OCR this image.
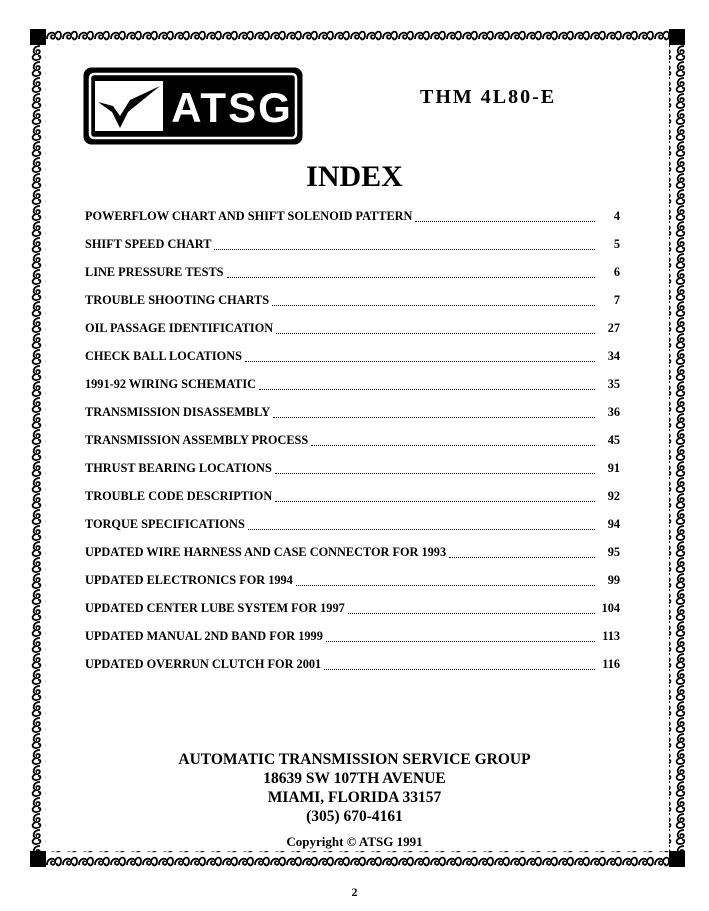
ATSG	THM 4L80-E
INDEX
POWERFLOW CHART AND SHIFT SOLENOID PATTERN	4
SHIFT SPEED CHART	5
LINE PRESSURE TESTS	6
TROUBLE SHOOTING CHARTS	7
OIL PASSAGE IDENTIFICATION	27
CHECK BALL LOCATIONS	34
1991-92 WIRING SCHEMATIC	35
TRANSMISSION DISASSEMBLY	36
TRANSMISSION ASSEMBLY PROCESS	45
THRUST BEARING LOCATIONS	91
TROUBLE CODE DESCRIPTION	92
TORQUE SPECIFICATIONS	94
UPDATED WIRE HARNESS AND CASE CONNECTOR FOR 1993	95
UPDATED ELECTRONICS FOR 1994	99
UPDATED CENTER LUBE SYSTEM FOR 1997	104
UPDATED MANUAL 2ND BAND FOR 1999	113
UPDATED OVERRUN CLUTCH FOR 2001	116
AUTOMATIC TRANSMISSION SERVICE GROUP
18639 SW 107TH AVENUE
MIAMI, FLORIDA 33157
(305) 670-4161
Copyright © ATSG 1991
2
